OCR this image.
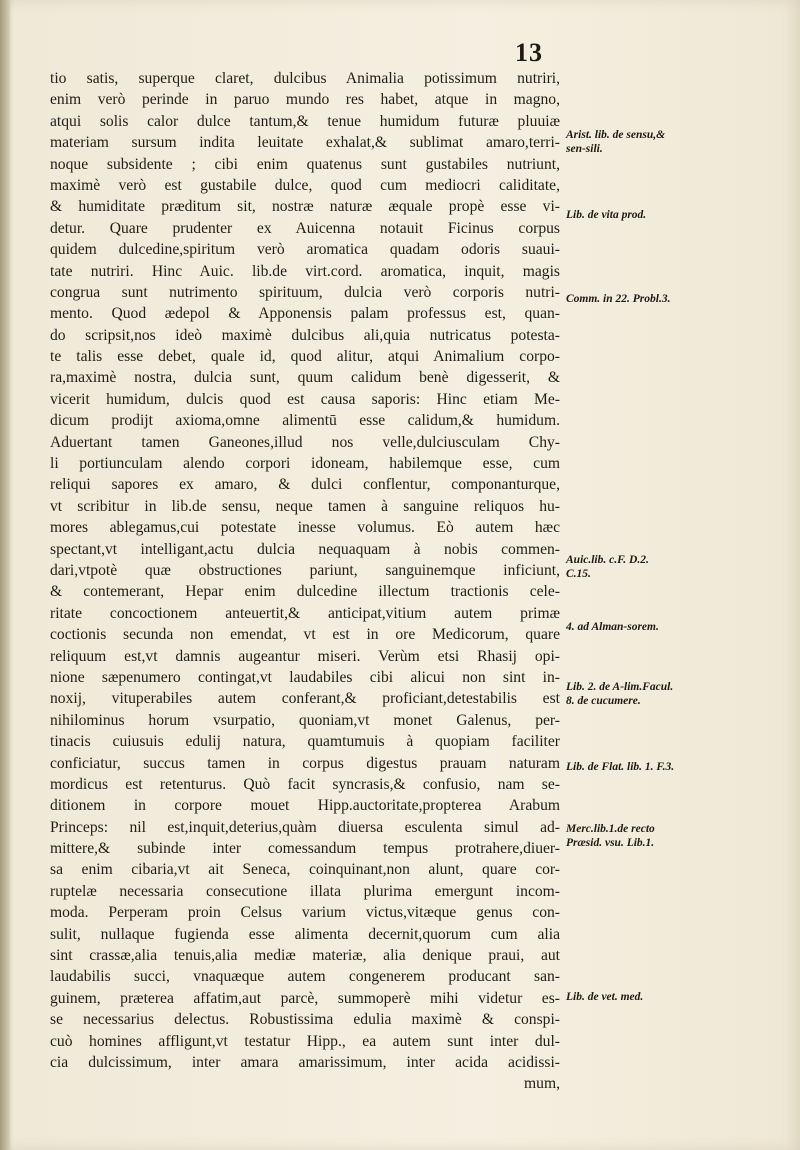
13
tio satis, superque claret, dulcibus Animalia potissimum nutriri,
enim verò perinde in paruo mundo res habet, atque in magno,
atqui solis calor dulce tantum,& tenue humidum futuræ pluuiæ
materiam sursum indita leuitate exhalat,& sublimat amaro,terri-
noque subsidente ; cibi enim quatenus sunt gustabiles nutriunt,
maximè verò est gustabile dulce, quod cum mediocri caliditate,
& humiditate præditum sit, nostræ naturæ æquale propè esse vi-
detur. Quare prudenter ex Auicenna notauit Ficinus corpus
quidem dulcedine,spiritum verò aromatica quadam odoris suaui-
tate nutriri. Hinc Auic. lib.de virt.cord. aromatica, inquit, magis
congrua sunt nutrimento spirituum, dulcia verò corporis nutri-
mento. Quod ædepol & Apponensis palam professus est, quan-
do scripsit,nos ideò maximè dulcibus ali,quia nutricatus potesta-
te talis esse debet, quale id, quod alitur, atqui Animalium corpo-
ra,maximè nostra, dulcia sunt, quum calidum benè digesserit, &
vicerit humidum, dulcis quod est causa saporis: Hinc etiam Me-
dicum prodijt axioma,omne alimentū esse calidum,& humidum.
Aduertant tamen Ganeones,illud nos velle,dulciusculam Chy-
li portiunculam alendo corpori idoneam, habilemque esse, cum
reliqui sapores ex amaro, & dulci conflentur, componanturque,
vt scribitur in lib.de sensu, neque tamen à sanguine reliquos hu-
mores ablegamus,cui potestate inesse volumus. Eò autem hæc
spectant,vt intelligant,actu dulcia nequaquam à nobis commen-
dari,vtpotè quæ obstructiones pariunt, sanguinemque inficiunt,
& contemerant, Hepar enim dulcedine illectum tractionis cele-
ritate concoctionem anteuertit,& anticipat,vitium autem primæ
coctionis secunda non emendat, vt est in ore Medicorum, quare
reliquum est,vt damnis augeantur miseri. Verùm etsi Rhasij opi-
nione sæpenumero contingat,vt laudabiles cibi alicui non sint in-
noxij, vituperabiles autem conferant,& proficiant,detestabilis est
nihilominus horum vsurpatio, quoniam,vt monet Galenus, per-
tinacis cuiusuis edulij natura, quamtumuis à quopiam faciliter
conficiatur, succus tamen in corpus digestus prauam naturam
mordicus est retenturus. Quò facit syncrasis,& confusio, nam se-
ditionem in corpore mouet Hipp.auctoritate,propterea Arabum
Princeps: nil est,inquit,deterius,quàm diuersa esculenta simul ad-
mittere,& subinde inter comessandum tempus protrahere,diuer-
sa enim cibaria,vt ait Seneca, coinquinant,non alunt, quare cor-
ruptelæ necessaria consecutione illata plurima emergunt incom-
moda. Perperam proin Celsus varium victus,vitæque genus con-
sulit, nullaque fugienda esse alimenta decernit,quorum cum alia
sint crassæ,alia tenuis,alia mediæ materiæ, alia denique praui, aut
laudabilis succi, vnaquæque autem congenerem producant san-
guinem, præterea affatim,aut parcè, summoperè mihi videtur es-
se necessarius delectus. Robustissima edulia maximè & conspi-
cuò homines affligunt,vt testatur Hipp., ea autem sunt inter dul-
cia dulcissimum, inter amara amarissimum, inter acida acidissi-
mum,
Arist. lib. de sensu,& sen-sili.
Lib. de vita prod.
Comm. in 22. Probl.3.
Auic.lib. c.F. D.2. C.15.
4. ad Alman-sorem.
Lib. 2. de A-lim.Facul. 8. de cucumere.
Lib. de Flat. lib. 1. F.3.
Merc.lib.1.de recto Præsid. vsu. Lib.1.
Lib. de vet. med.
